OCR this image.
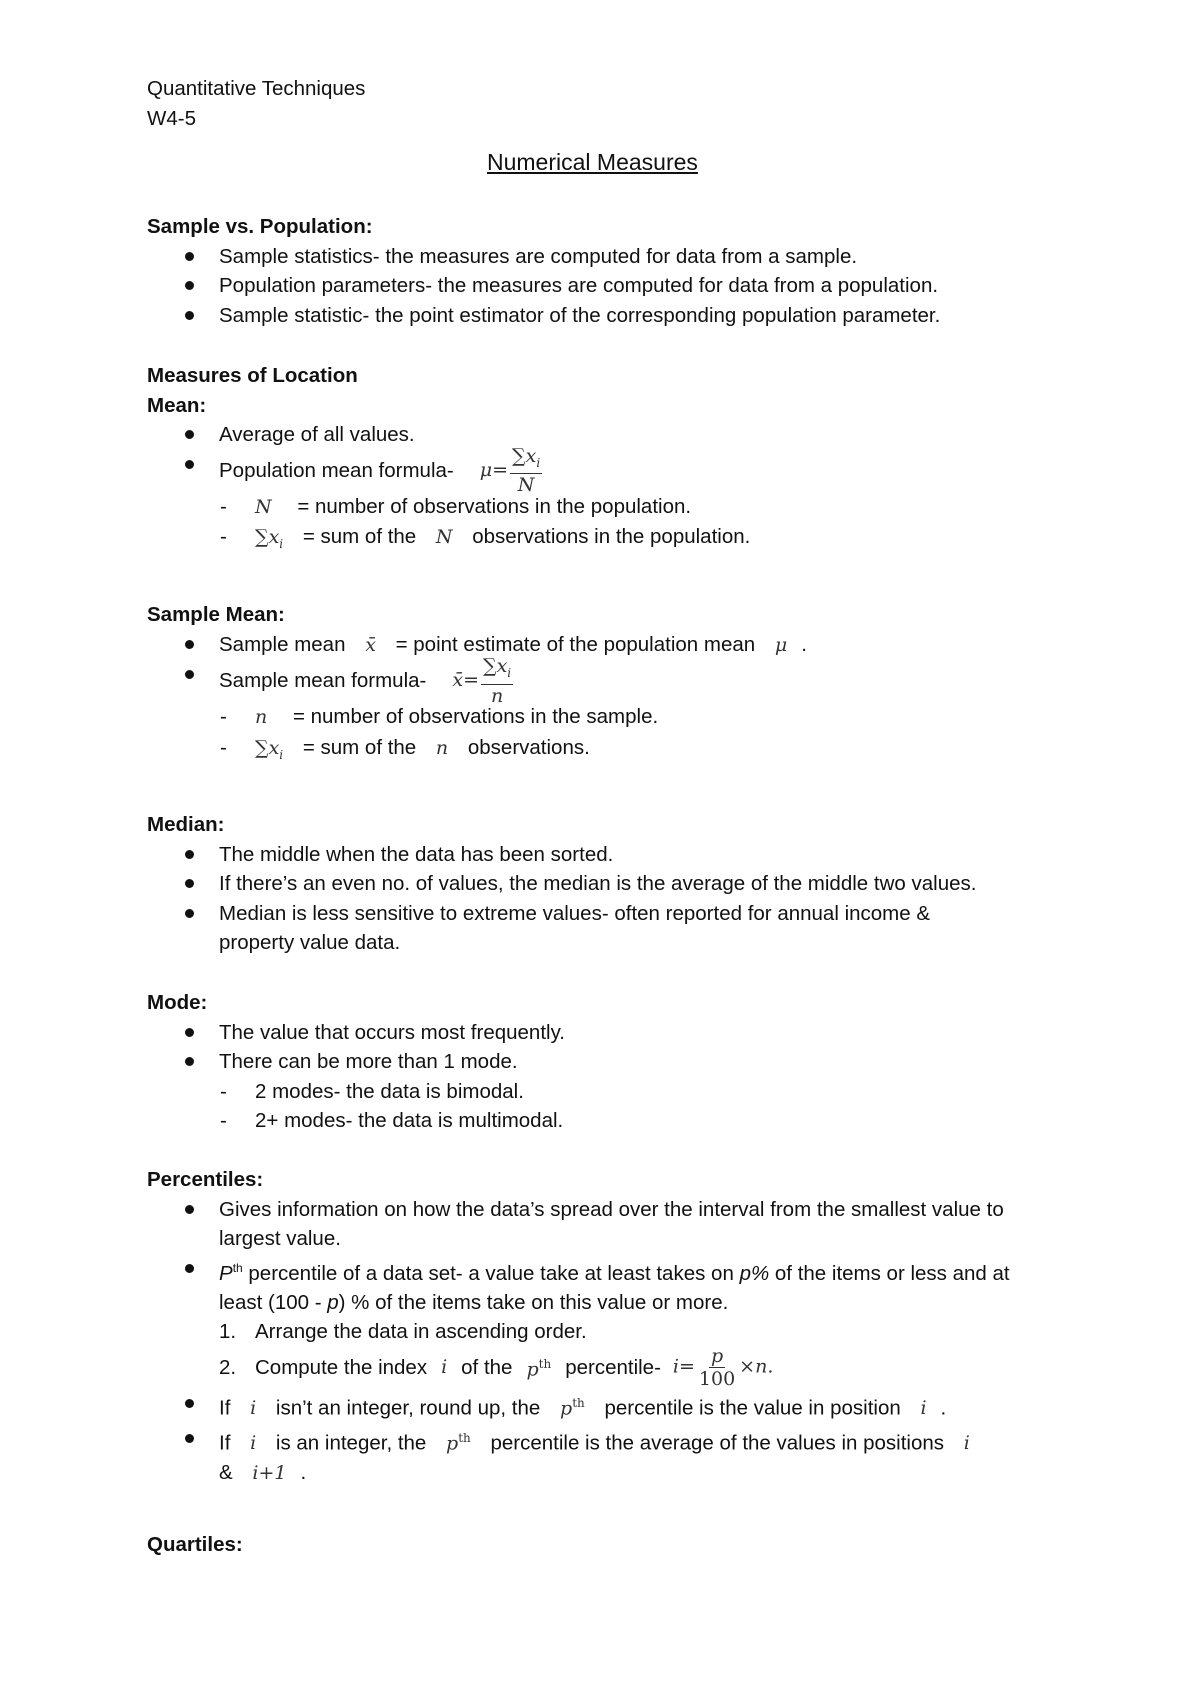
Quantitative Techniques
W4-5
Numerical Measures
Sample vs. Population:
Sample statistics- the measures are computed for data from a sample.
Population parameters- the measures are computed for data from a population.
Sample statistic- the point estimator of the corresponding population parameter.
Measures of Location
Mean:
Average of all values.
Population mean formula- $\mu= \frac{\sum x_i}{N}$
- N = number of observations in the population.
- $\sum x_i$ = sum of the N observations in the population.
Sample Mean:
Sample mean x̄ = point estimate of the population mean μ .
Sample mean formula- x̄= $\frac{\sum x_i}{n}$
- n = number of observations in the sample.
- $\sum x_i$ = sum of the n observations.
Median:
The middle when the data has been sorted.
If there’s an even no. of values, the median is the average of the middle two values.
Median is less sensitive to extreme values- often reported for annual income & property value data.
Mode:
The value that occurs most frequently.
There can be more than 1 mode.
- 2 modes- the data is bimodal.
- 2+ modes- the data is multimodal.
Percentiles:
Gives information on how the data’s spread over the interval from the smallest value to largest value.
$P^{th}$ percentile of a data set- a value take at least takes on p% of the items or less and at least (100 - p) % of the items take on this value or more.
1. Arrange the data in ascending order.
2. Compute the index i of the $p^{th}$ percentile- $i= \frac{p}{100} \times n$.
If i isn’t an integer, round up, the $p^{th}$ percentile is the value in position i .
If i is an integer, the $p^{th}$ percentile is the average of the values in positions i
& i+1 .
Quartiles:
